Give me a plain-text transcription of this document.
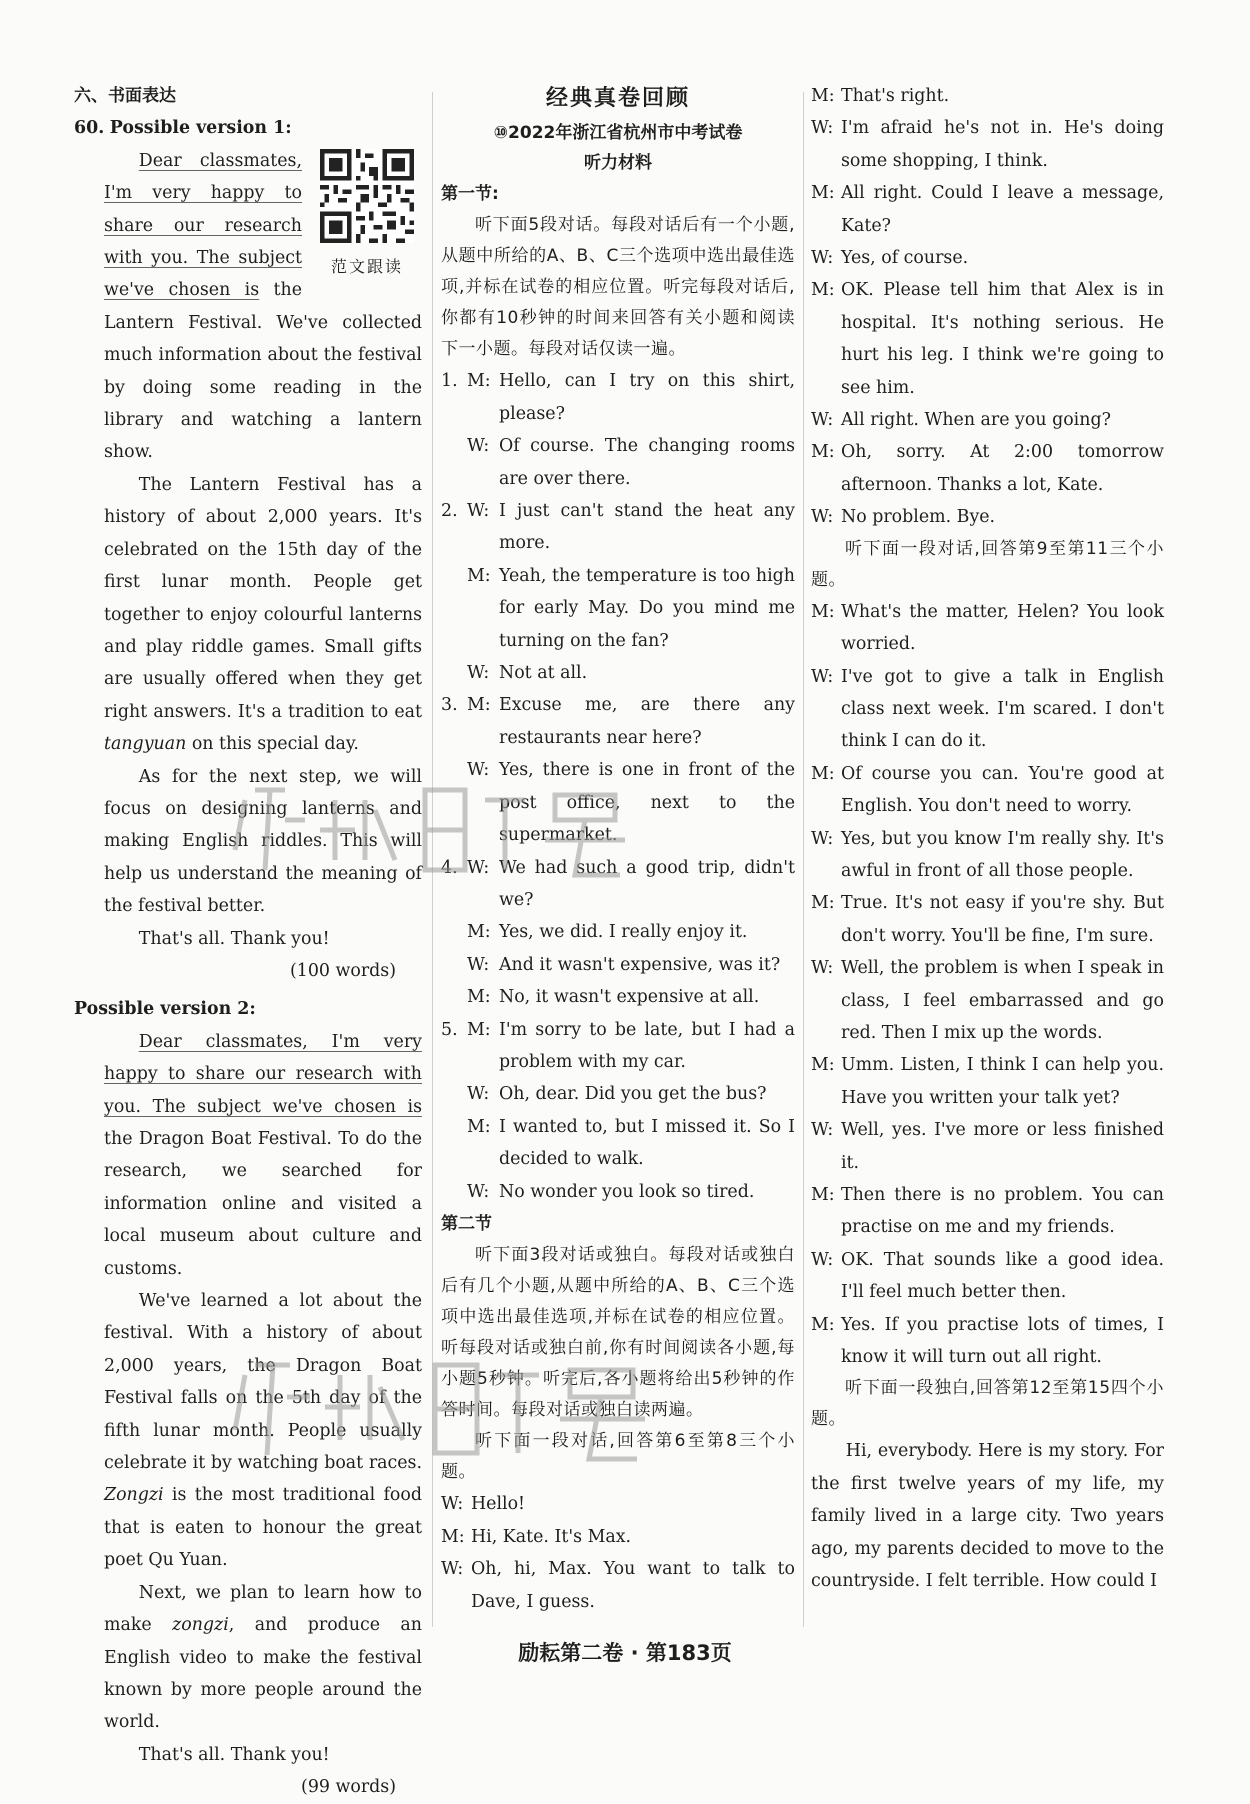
六、书面表达
60. Possible version 1:
范文跟读

Dear classmates, I'm very happy to share our research with you. The subject we've chosen is the Lantern Festival. We've collected much information about the festival by doing some reading in the library and watching a lantern show.

The Lantern Festival has a history of about 2,000 years. It's celebrated on the 15th day of the first lunar month. People get together to enjoy colourful lanterns and play riddle games. Small gifts are usually offered when they get right answers. It's a tradition to eat tangyuan on this special day.

As for the next step, we will focus on designing lanterns and making English riddles. This will help us understand the meaning of the festival better.

That's all. Thank you!

(100 words)
Possible version 2:

Dear classmates, I'm very happy to share our research with you. The subject we've chosen is the Dragon Boat Festival. To do the research, we searched for information online and visited a local museum about culture and customs.

We've learned a lot about the festival. With a history of about 2,000 years, the Dragon Boat Festival falls on the 5th day of the fifth lunar month. People usually celebrate it by watching boat races. Zongzi is the most traditional food that is eaten to honour the great poet Qu Yuan.

Next, we plan to learn how to make zongzi, and produce an English video to make the festival known by more people around the world.

That's all. Thank you!

(99 words)
经典真卷回顾
⑩2022年浙江省杭州市中考试卷
听力材料
第一节:
听下面5段对话。每段对话后有一个小题,从题中所给的A、B、C三个选项中选出最佳选项,并标在试卷的相应位置。听完每段对话后,你都有10秒钟的时间来回答有关小题和阅读下一小题。每段对话仅读一遍。
1. M: Hello, can I try on this shirt, please?
W: Of course. The changing rooms are over there.
2. W: I just can't stand the heat any more.
M: Yeah, the temperature is too high for early May. Do you mind me turning on the fan?
W: Not at all.
3. M: Excuse me, are there any restaurants near here?
W: Yes, there is one in front of the post office, next to the supermarket.
4. W: We had such a good trip, didn't we?
M: Yes, we did. I really enjoy it.
W: And it wasn't expensive, was it?
M: No, it wasn't expensive at all.
5. M: I'm sorry to be late, but I had a problem with my car.
W: Oh, dear. Did you get the bus?
M: I wanted to, but I missed it. So I decided to walk.
W: No wonder you look so tired.
第二节
听下面3段对话或独白。每段对话或独白后有几个小题,从题中所给的A、B、C三个选项中选出最佳选项,并标在试卷的相应位置。听每段对话或独白前,你有时间阅读各小题,每小题5秒钟。听完后,各小题将给出5秒钟的作答时间。每段对话或独白读两遍。
听下面一段对话,回答第6至第8三个小题。
W: Hello!
M: Hi, Kate. It's Max.
W: Oh, hi, Max. You want to talk to Dave, I guess.
M: That's right.
W: I'm afraid he's not in. He's doing some shopping, I think.
M: All right. Could I leave a message, Kate?
W: Yes, of course.
M: OK. Please tell him that Alex is in hospital. It's nothing serious. He hurt his leg. I think we're going to see him.
W: All right. When are you going?
M: Oh, sorry. At 2:00 tomorrow afternoon. Thanks a lot, Kate.
W: No problem. Bye.
听下面一段对话,回答第9至第11三个小题。
M: What's the matter, Helen? You look worried.
W: I've got to give a talk in English class next week. I'm scared. I don't think I can do it.
M: Of course you can. You're good at English. You don't need to worry.
W: Yes, but you know I'm really shy. It's awful in front of all those people.
M: True. It's not easy if you're shy. But don't worry. You'll be fine, I'm sure.
W: Well, the problem is when I speak in class, I feel embarrassed and go red. Then I mix up the words.
M: Umm. Listen, I think I can help you. Have you written your talk yet?
W: Well, yes. I've more or less finished it.
M: Then there is no problem. You can practise on me and my friends.
W: OK. That sounds like a good idea. I'll feel much better then.
M: Yes. If you practise lots of times, I know it will turn out all right.
听下面一段独白,回答第12至第15四个小题。
Hi, everybody. Here is my story. For the first twelve years of my life, my family lived in a large city. Two years ago, my parents decided to move to the countryside. I felt terrible. How could I
励耘第二卷 · 第183页
